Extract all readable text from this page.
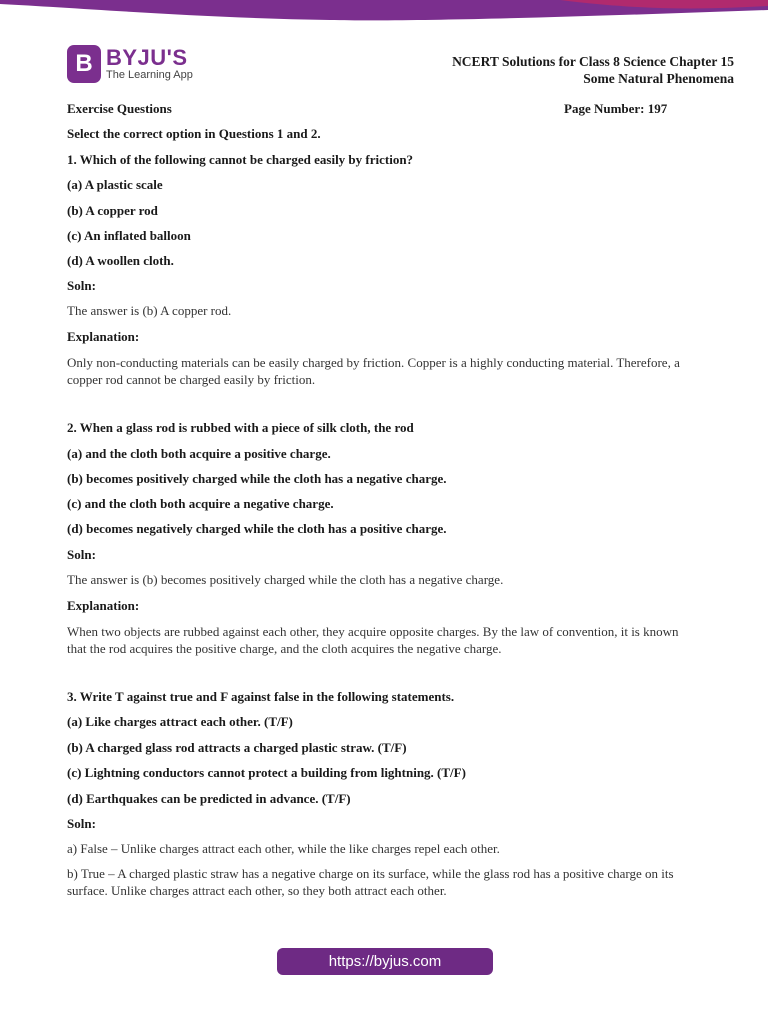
B BYJU'S
The Learning App
NCERT Solutions for Class 8 Science Chapter 15
Some Natural Phenomena
Exercise Questions	Page Number: 197
Select the correct option in Questions 1 and 2.
1. Which of the following cannot be charged easily by friction?
(a) A plastic scale
(b) A copper rod
(c) An inflated balloon
(d) A woollen cloth.
Soln:
The answer is (b) A copper rod.
Explanation:
Only non-conducting materials can be easily charged by friction. Copper is a highly conducting material. Therefore, a copper rod cannot be charged easily by friction.
2. When a glass rod is rubbed with a piece of silk cloth, the rod
(a) and the cloth both acquire a positive charge.
(b) becomes positively charged while the cloth has a negative charge.
(c) and the cloth both acquire a negative charge.
(d) becomes negatively charged while the cloth has a positive charge.
Soln:
The answer is (b) becomes positively charged while the cloth has a negative charge.
Explanation:
When two objects are rubbed against each other, they acquire opposite charges. By the law of convention, it is known that the rod acquires the positive charge, and the cloth acquires the negative charge.
3. Write T against true and F against false in the following statements.
(a) Like charges attract each other. (T/F)
(b) A charged glass rod attracts a charged plastic straw. (T/F)
(c) Lightning conductors cannot protect a building from lightning. (T/F)
(d) Earthquakes can be predicted in advance. (T/F)
Soln:
a) False – Unlike charges attract each other, while the like charges repel each other.
b) True – A charged plastic straw has a negative charge on its surface, while the glass rod has a positive charge on its surface. Unlike charges attract each other, so they both attract each other.
https://byjus.com
